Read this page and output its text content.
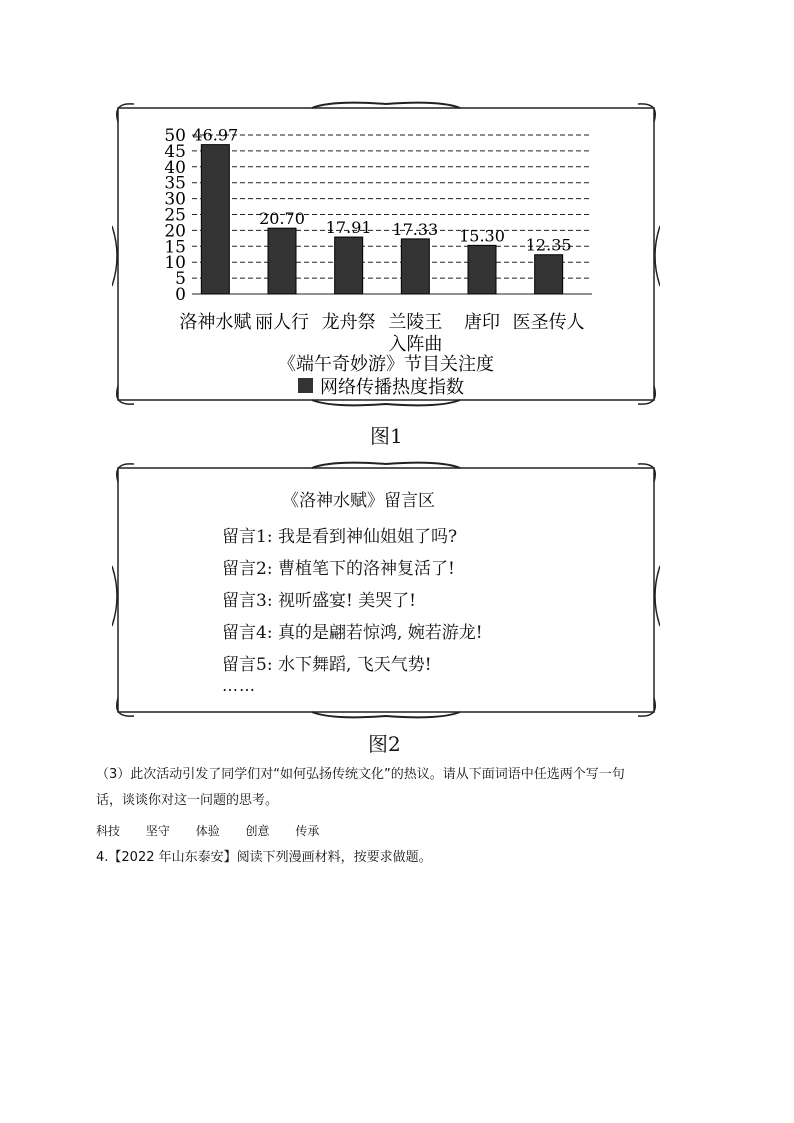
0
5
10
15
20
25
30
35
40
45
50 46.97
20.70 17.91 17.33 15.30 12.35
洛神水赋 丽人行 龙舟祭 兰陵王
入阵曲
唐印 医圣传人
《端午奇妙游》节目关注度
网络传播热度指数
图1
《洛神水赋》留言区
留言1: 我是看到神仙姐姐了吗?
留言2: 曹植笔下的洛神复活了!
留言3: 视听盛宴! 美哭了!
留言4: 真的是翩若惊鸿, 婉若游龙!
留言5: 水下舞蹈, 飞天气势!
……
图2
（3）此次活动引发了同学们对“如何弘扬传统文化”的热议。请从下面词语中任选两个写一句
话，谈谈你对这一问题的思考。
科技 坚守 体验 创意 传承
4.【2022 年山东泰安】阅读下列漫画材料，按要求做题。
